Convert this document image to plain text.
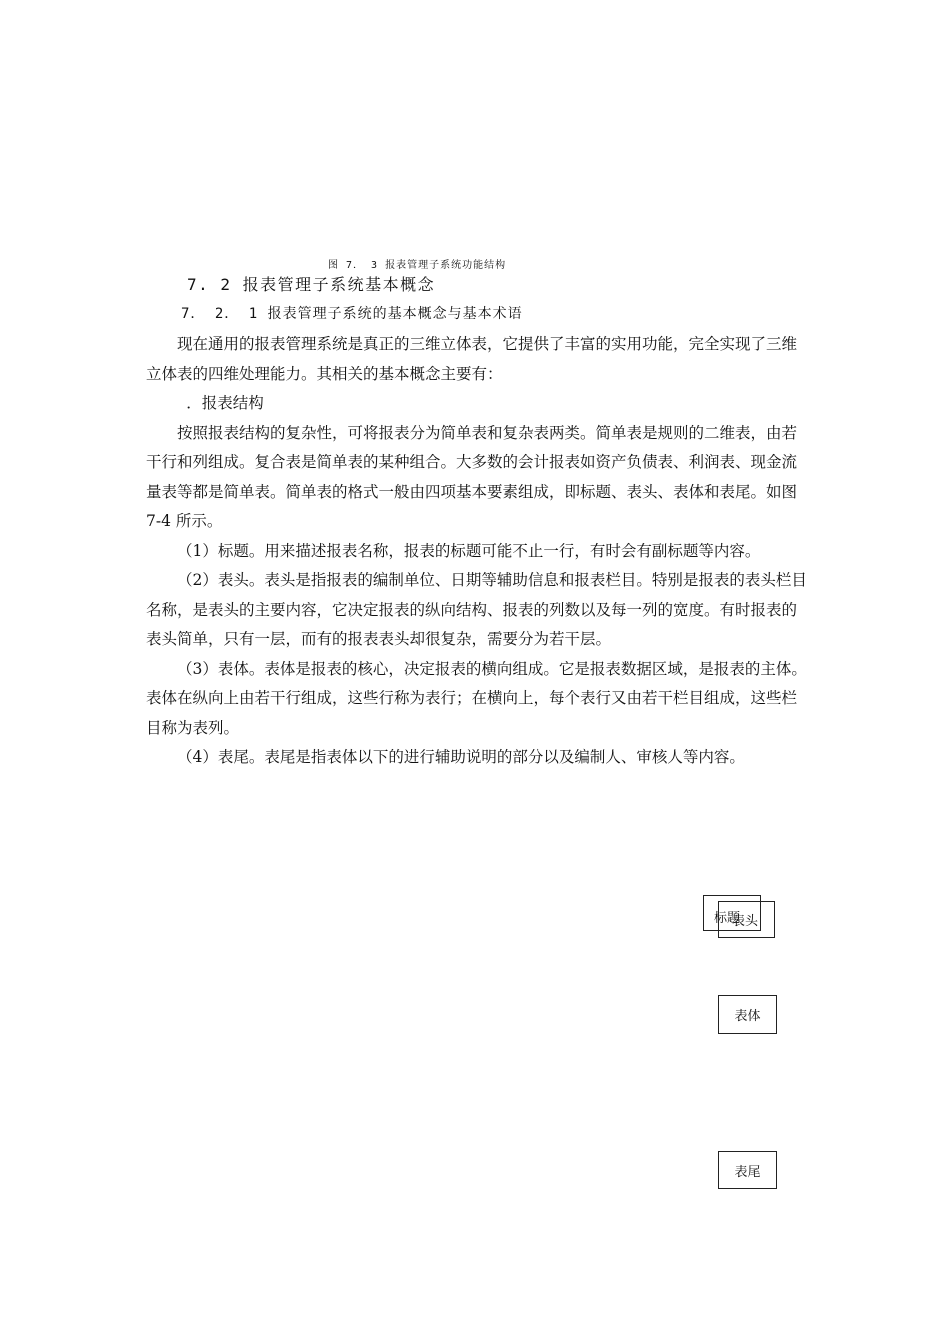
图 7． 3 报表管理子系统功能结构
7. 2 报表管理子系统基本概念
7． 2． 1 报表管理子系统的基本概念与基本术语

现在通用的报表管理系统是真正的三维立体表，它提供了丰富的实用功能，完全实现了三维立体表的四维处理能力。其相关的基本概念主要有：

．报表结构

按照报表结构的复杂性，可将报表分为简单表和复杂表两类。简单表是规则的二维表，由若干行和列组成。复合表是简单表的某种组合。大多数的会计报表如资产负债表、利润表、现金流量表等都是简单表。简单表的格式一般由四项基本要素组成，即标题、表头、表体和表尾。如图 7-4 所示。

（1）标题。用来描述报表名称，报表的标题可能不止一行，有时会有副标题等内容。

（2）表头。表头是指报表的编制单位、日期等辅助信息和报表栏目。特别是报表的表头栏目名称，是表头的主要内容，它决定报表的纵向结构、报表的列数以及每一列的宽度。有时报表的表头简单，只有一层，而有的报表表头却很复杂，需要分为若干层。

（3）表体。表体是报表的核心，决定报表的横向组成。它是报表数据区域，是报表的主体。表体在纵向上由若干行组成，这些行称为表行；在横向上，每个表行又由若干栏目组成，这些栏目称为表列。

（4）表尾。表尾是指表体以下的进行辅助说明的部分以及编制人、审核人等内容。

标题
表头
表体
表尾
